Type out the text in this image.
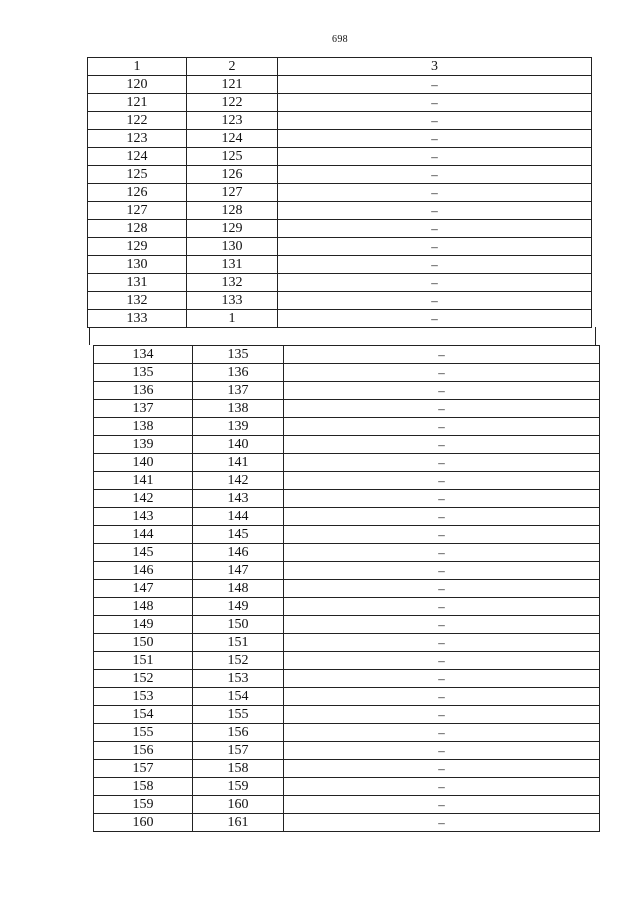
698
1	2	3
120	121	–
121	122	–
122	123	–
123	124	–
124	125	–
125	126	–
126	127	–
127	128	–
128	129	–
129	130	–
130	131	–
131	132	–
132	133	–
133	1	–
134	135	–
135	136	–
136	137	–
137	138	–
138	139	–
139	140	–
140	141	–
141	142	–
142	143	–
143	144	–
144	145	–
145	146	–
146	147	–
147	148	–
148	149	–
149	150	–
150	151	–
151	152	–
152	153	–
153	154	–
154	155	–
155	156	–
156	157	–
157	158	–
158	159	–
159	160	–
160	161	–
